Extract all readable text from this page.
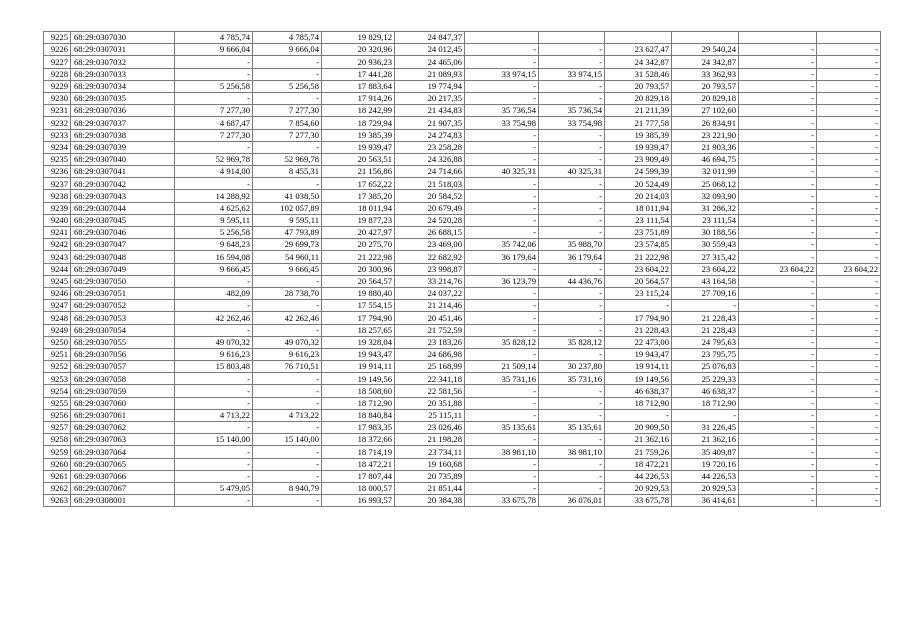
9225	68:29:0307030	4 785,74	4 785,74	19 829,12	24 847,37						
9226	68:29:0307031	9 666,04	9 666,04	20 320,96	24 012,45	-	-	23 627,47	29 540,24	-	-
9227	68:29:0307032	-	-	20 936,23	24 465,06	-	-	24 342,87	24 342,87	-	-
9228	68:29:0307033	-	-	17 441,28	21 089,93	33 974,15	33 974,15	31 528,46	33 362,93	-	-
9229	68:29:0307034	5 256,58	5 256,58	17 883,64	19 774,94	-	-	20 793,57	20 793,57	-	-
9230	68:29:0307035	-	-	17 914,26	20 217,35	-	-	20 829,18	20 829,18	-	-
9231	68:29:0307036	7 277,30	7 277,30	18 242,99	21 434,83	35 736,54	35 736,54	21 211,39	27 102,60	-	-
9232	68:29:0307037	4 687,47	7 854,60	18 729,94	21 907,35	33 754,98	33 754,98	21 777,58	26 834,91	-	-
9233	68:29:0307038	7 277,30	7 277,30	19 385,39	24 274,83	-	-	19 385,39	23 221,90	-	-
9234	68:29:0307039	-	-	19 939,47	23 258,28	-	-	19 939,47	21 903,36	-	-
9235	68:29:0307040	52 969,78	52 969,78	20 563,51	24 326,88	-	-	23 909,49	46 694,75	-	-
9236	68:29:0307041	4 914,00	8 455,31	21 156,86	24 714,66	40 325,31	40 325,31	24 599,39	32 011,99	-	-
9237	68:29:0307042	-	-	17 652,22	21 518,03	-	-	20 524,49	25 068,12	-	-
9238	68:29:0307043	14 288,92	41 038,50	17 385,20	20 584,52	-	-	20 214,03	32 093,90	-	-
9239	68:29:0307044	4 625,62	102 057,89	18 011,94	20 679,49	-	-	18 011,94	31 286,32	-	-
9240	68:29:0307045	9 595,11	9 595,11	19 877,23	24 520,28	-	-	23 111,54	23 111,54	-	-
9241	68:29:0307046	5 256,58	47 793,89	20 427,97	26 688,15	-	-	23 751,89	30 188,56	-	-
9242	68:29:0307047	9 648,23	29 699,73	20 275,70	23 469,00	35 742,06	35 988,70	23 574,85	30 559,43	-	-
9243	68:29:0307048	16 594,08	54 960,11	21 222,98	22 682,92	36 179,64	36 179,64	21 222,98	27 315,42	-	-
9244	68:29:0307049	9 666,45	9 666,45	20 300,96	23 998,87	-	-	23 604,22	23 604,22	23 604,22	23 604,22
9245	68:29:0307050	-	-	20 564,57	33 214,76	36 123,79	44 436,76	20 564,57	43 164,58	-	-
9246	68:29:0307051	482,09	28 738,70	19 880,40	24 037,22	-	-	23 115,24	27 709,16	-	-
9247	68:29:0307052	-	-	17 554,15	21 214,46	-	-	-	-	-	-
9248	68:29:0307053	42 262,46	42 262,46	17 794,90	20 451,46	-	-	17 794,90	21 228,43	-	-
9249	68:29:0307054	-	-	18 257,65	21 752,59	-	-	21 228,43	21 228,43	-	-
9250	68:29:0307055	49 070,32	49 070,32	19 328,04	23 183,26	35 828,12	35 828,12	22 473,00	24 795,63	-	-
9251	68:29:0307056	9 616,23	9 616,23	19 943,47	24 686,98	-	-	19 943,47	23 795,75	-	-
9252	68:29:0307057	15 803,48	76 710,51	19 914,11	25 168,99	21 509,14	30 237,80	19 914,11	25 076,83	-	-
9253	68:29:0307058	-	-	19 149,56	22 341,18	35 731,16	35 731,16	19 149,56	25 229,33	-	-
9254	68:29:0307059	-	-	18 508,60	22 581,56	-	-	46 638,37	46 638,37	-	-
9255	68:29:0307060	-	-	18 712,90	20 351,88	-	-	18 712,90	18 712,90	-	-
9256	68:29:0307061	4 713,22	4 713,22	18 840,84	25 115,11	-	-	-	-	-	-
9257	68:29:0307062	-	-	17 983,35	23 026,46	35 135,61	35 135,61	20 909,50	31 226,45	-	-
9258	68:29:0307063	15 140,00	15 140,00	18 372,66	21 198,28	-	-	21 362,16	21 362,16	-	-
9259	68:29:0307064	-	-	18 714,19	23 734,11	38 981,10	38 981,10	21 759,26	35 409,87	-	-
9260	68:29:0307065	-	-	18 472,21	19 160,68	-	-	18 472,21	19 720,16	-	-
9261	68:29:0307066	-	-	17 807,44	20 735,89	-	-	44 226,53	44 226,53	-	-
9262	68:29:0307067	5 479,05	8 940,79	18 000,57	21 851,44	-	-	20 929,53	20 929,53	-	-
9263	68:29:0308001	-	-	16 993,57	20 384,38	33 675,78	36 076,01	33 675,78	36 414,61	-	-
